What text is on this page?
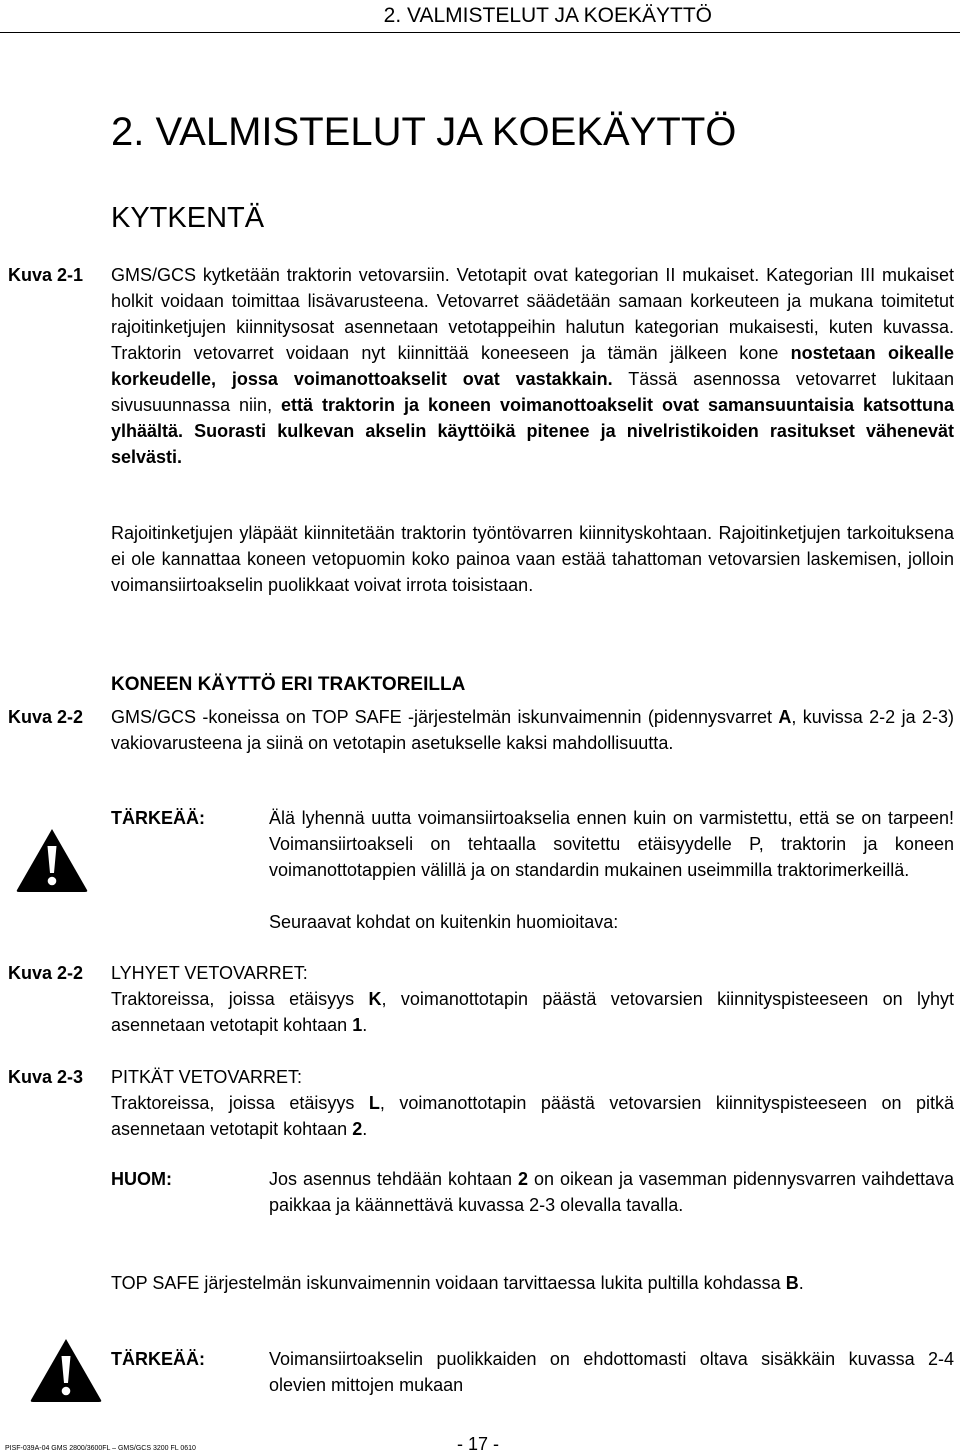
2. VALMISTELUT JA KOEKÄYTTÖ
2. VALMISTELUT JA KOEKÄYTTÖ
KYTKENTÄ
Kuva 2-1 GMS/GCS kytketään traktorin vetovarsiin. Vetotapit ovat kategorian II mukaiset. Kategorian III mukaiset holkit voidaan toimittaa lisävarusteena. Vetovarret säädetään samaan korkeuteen ja mukana toimitetut rajoitinketjujen kiinnitysosat asennetaan vetotappeihin halutun kategorian mukaisesti, kuten kuvassa. Traktorin vetovarret voidaan nyt kiinnittää koneeseen ja tämän jälkeen kone nostetaan oikealle korkeudelle, jossa voimanottoakselit ovat vastakkain. Tässä asennossa vetovarret lukitaan sivusuunnassa niin, että traktorin ja koneen voimanottoakselit ovat samansuuntaisia katsottuna ylhäältä. Suorasti kulkevan akselin käyttöikä pitenee ja nivelristikoiden rasitukset vähenevät selvästi.
Rajoitinketjujen yläpäät kiinnitetään traktorin työntövarren kiinnityskohtaan. Rajoitinketjujen tarkoituksena ei ole kannattaa koneen vetopuomin koko painoa vaan estää tahattoman vetovarsien laskemisen, jolloin voimansiirtoakselin puolikkaat voivat irrota toisistaan.
KONEEN KÄYTTÖ ERI TRAKTOREILLA
Kuva 2-2 GMS/GCS -koneissa on TOP SAFE -järjestelmän iskunvaimennin (pidennysvarret A, kuvissa 2-2 ja 2-3) vakiovarusteena ja siinä on vetotapin asetukselle kaksi mahdollisuutta.
TÄRKEÄÄ:	Älä lyhennä uutta voimansiirtoakselia ennen kuin on varmistettu, että se on tarpeen! Voimansiirtoakseli on tehtaalla sovitettu etäisyydelle P, traktorin ja koneen voimanottotappien välillä ja on standardin mukainen useimmilla traktorimerkeillä.
Seuraavat kohdat on kuitenkin huomioitava:
Kuva 2-2 LYHYET VETOVARRET:
Traktoreissa, joissa etäisyys K, voimanottotapin päästä vetovarsien kiinnityspisteeseen on lyhyt asennetaan vetotapit kohtaan 1.
Kuva 2-3 PITKÄT VETOVARRET:
Traktoreissa, joissa etäisyys L, voimanottotapin päästä vetovarsien kiinnityspisteeseen on pitkä asennetaan vetotapit kohtaan 2.
HUOM:	Jos asennus tehdään kohtaan 2 on oikean ja vasemman pidennysvarren vaihdettava paikkaa ja käännettävä kuvassa 2-3 olevalla tavalla.
TOP SAFE järjestelmän iskunvaimennin voidaan tarvittaessa lukita pultilla kohdassa B.
TÄRKEÄÄ:	Voimansiirtoakselin puolikkaiden on ehdottomasti oltava sisäkkäin kuvassa 2-4 olevien mittojen mukaan
PISF-039A-04 GMS 2800/3600FL – GMS/GCS 3200 FL 0610	- 17 -
